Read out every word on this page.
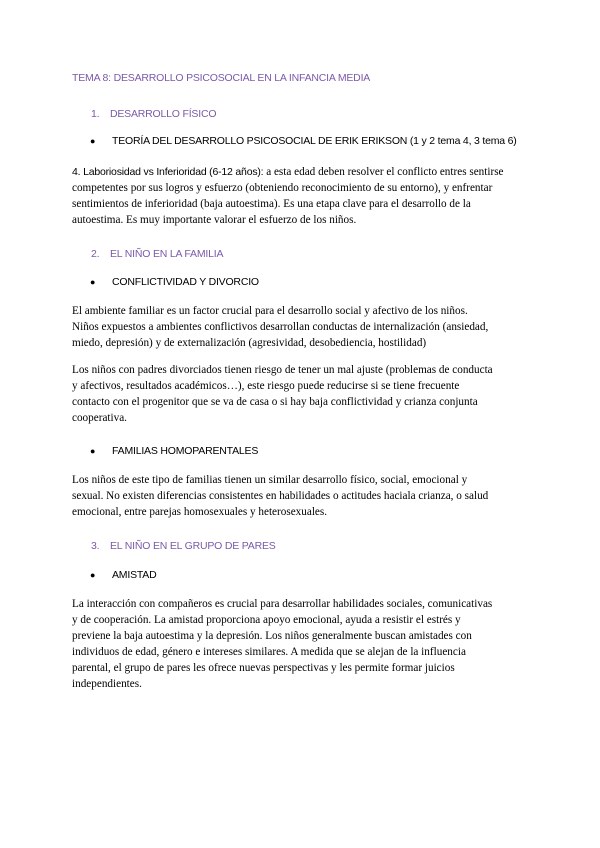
TEMA 8: DESARROLLO PSICOSOCIAL EN LA INFANCIA MEDIA
1. DESARROLLO FÍSICO
● TEORÍA DEL DESARROLLO PSICOSOCIAL DE ERIK ERIKSON (1 y 2 tema 4, 3 tema 6)
4. Laboriosidad vs Inferioridad (6-12 años): a esta edad deben resolver el conflicto entres sentirse
competentes por sus logros y esfuerzo (obteniendo reconocimiento de su entorno), y enfrentar
sentimientos de inferioridad (baja autoestima). Es una etapa clave para el desarrollo de la
autoestima. Es muy importante valorar el esfuerzo de los niños.
2. EL NIÑO EN LA FAMILIA
● CONFLICTIVIDAD Y DIVORCIO
El ambiente familiar es un factor crucial para el desarrollo social y afectivo de los niños.
Niños expuestos a ambientes conflictivos desarrollan conductas de internalización (ansiedad,
miedo, depresión) y de externalización (agresividad, desobediencia, hostilidad)
Los niños con padres divorciados tienen riesgo de tener un mal ajuste (problemas de conducta
y afectivos, resultados académicos…), este riesgo puede reducirse si se tiene frecuente
contacto con el progenitor que se va de casa o si hay baja conflictividad y crianza conjunta
cooperativa.
● FAMILIAS HOMOPARENTALES
Los niños de este tipo de familias tienen un similar desarrollo físico, social, emocional y
sexual. No existen diferencias consistentes en habilidades o actitudes haciala crianza, o salud
emocional, entre parejas homosexuales y heterosexuales.
3. EL NIÑO EN EL GRUPO DE PARES
● AMISTAD
La interacción con compañeros es crucial para desarrollar habilidades sociales, comunicativas
y de cooperación. La amistad proporciona apoyo emocional, ayuda a resistir el estrés y
previene la baja autoestima y la depresión. Los niños generalmente buscan amistades con
individuos de edad, género e intereses similares. A medida que se alejan de la influencia
parental, el grupo de pares les ofrece nuevas perspectivas y les permite formar juicios
independientes.
